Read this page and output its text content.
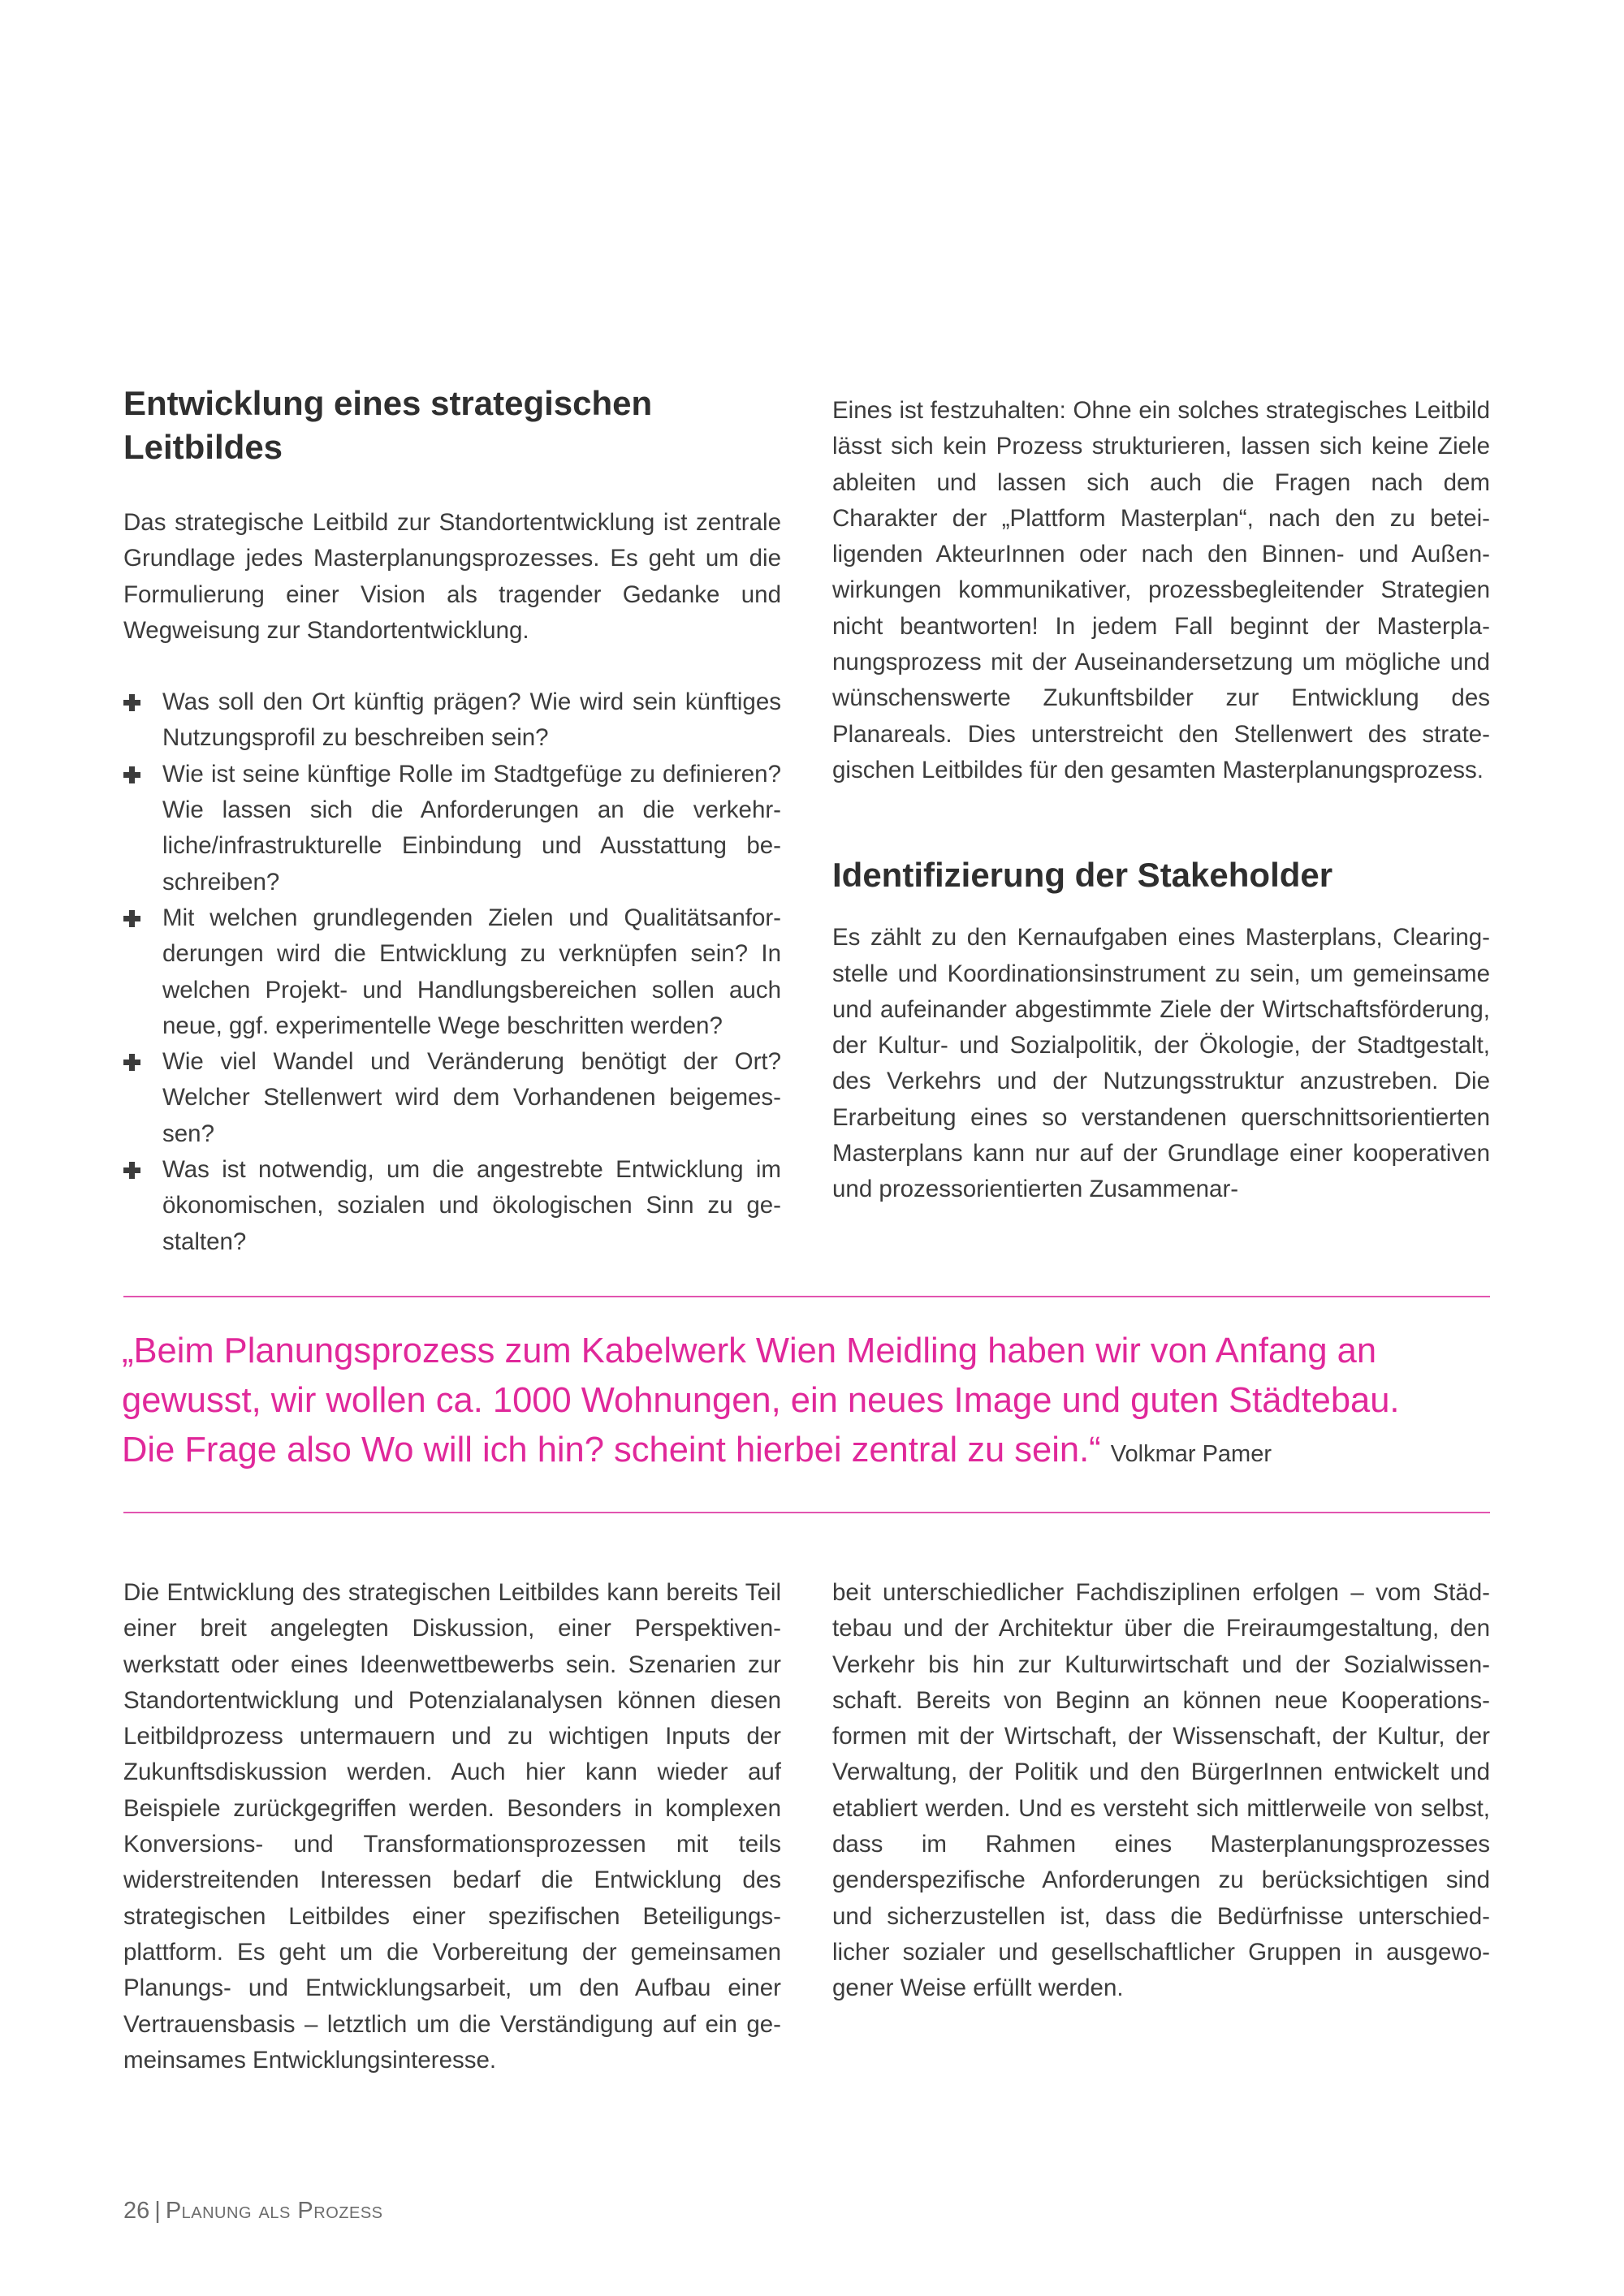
Entwicklung eines strategischen Leitbildes

Das strategische Leitbild zur Standortentwicklung ist zentrale Grundlage jedes Masterplanungsprozesses. Es geht um die Formulierung einer Vision als tragender Gedanke und Wegweisung zur Standortentwicklung.

Was soll den Ort künftig prägen? Wie wird sein künftiges Nutzungsprofil zu beschreiben sein?
Wie ist seine künftige Rolle im Stadtgefüge zu definieren? Wie lassen sich die Anforderungen an die verkehrliche/infrastrukturelle Einbindung und Ausstattung beschreiben?
Mit welchen grundlegenden Zielen und Qualitätsanforderungen wird die Entwicklung zu verknüpfen sein? In welchen Projekt- und Handlungsbereichen sollen auch neue, ggf. experimentelle Wege beschritten werden?
Wie viel Wandel und Veränderung benötigt der Ort? Welcher Stellenwert wird dem Vorhandenen beigemessen?
Was ist notwendig, um die angestrebte Entwicklung im ökonomischen, sozialen und ökologischen Sinn zu gestalten?

Eines ist festzuhalten: Ohne ein solches strategisches Leitbild lässt sich kein Prozess strukturieren, lassen sich keine Ziele ableiten und lassen sich auch die Fragen nach dem Charakter der „Plattform Masterplan“, nach den zu beteiligenden AkteurInnen oder nach den Binnen- und Außenwirkungen kommunikativer, prozessbegleitender Strategien nicht beantworten! In jedem Fall beginnt der Masterplanungsprozess mit der Auseinandersetzung um mögliche und wünschenswerte Zukunftsbilder zur Entwicklung des Planareals. Dies unterstreicht den Stellenwert des strategischen Leitbildes für den gesamten Masterplanungsprozess.

Identifizierung der Stakeholder

Es zählt zu den Kernaufgaben eines Masterplans, Clearingstelle und Koordinationsinstrument zu sein, um gemeinsame und aufeinander abgestimmte Ziele der Wirtschaftsförderung, der Kultur- und Sozialpolitik, der Ökologie, der Stadtgestalt, des Verkehrs und der Nutzungsstruktur anzustreben. Die Erarbeitung eines so verstandenen querschnittsorientierten Masterplans kann nur auf der Grundlage einer kooperativen und prozessorientierten Zusammenar-

„Beim Planungsprozess zum Kabelwerk Wien Meidling haben wir von Anfang an
gewusst, wir wollen ca. 1000 Wohnungen, ein neues Image und guten Städtebau.
Die Frage also Wo will ich hin? scheint hierbei zentral zu sein.“ Volkmar Pamer

Die Entwicklung des strategischen Leitbildes kann bereits Teil einer breit angelegten Diskussion, einer Perspektivenwerkstatt oder eines Ideenwettbewerbs sein. Szenarien zur Standortentwicklung und Potenzialanalysen können diesen Leitbildprozess untermauern und zu wichtigen Inputs der Zukunftsdiskussion werden. Auch hier kann wieder auf Beispiele zurückgegriffen werden. Besonders in komplexen Konversions- und Transformationsprozessen mit teils widerstreitenden Interessen bedarf die Entwicklung des strategischen Leitbildes einer spezifischen Beteiligungsplattform. Es geht um die Vorbereitung der gemeinsamen Planungs- und Entwicklungsarbeit, um den Aufbau einer Vertrauensbasis – letztlich um die Verständigung auf ein gemeinsames Entwicklungsinteresse.

beit unterschiedlicher Fachdisziplinen erfolgen – vom Städtebau und der Architektur über die Freiraumgestaltung, den Verkehr bis hin zur Kulturwirtschaft und der Sozialwissenschaft. Bereits von Beginn an können neue Kooperationsformen mit der Wirtschaft, der Wissenschaft, der Kultur, der Verwaltung, der Politik und den BürgerInnen entwickelt und etabliert werden. Und es versteht sich mittlerweile von selbst, dass im Rahmen eines Masterplanungsprozesses genderspezifische Anforderungen zu berücksichtigen sind und sicherzustellen ist, dass die Bedürfnisse unterschiedlicher sozialer und gesellschaftlicher Gruppen in ausgewogener Weise erfüllt werden.

26 | Planung als Prozess
